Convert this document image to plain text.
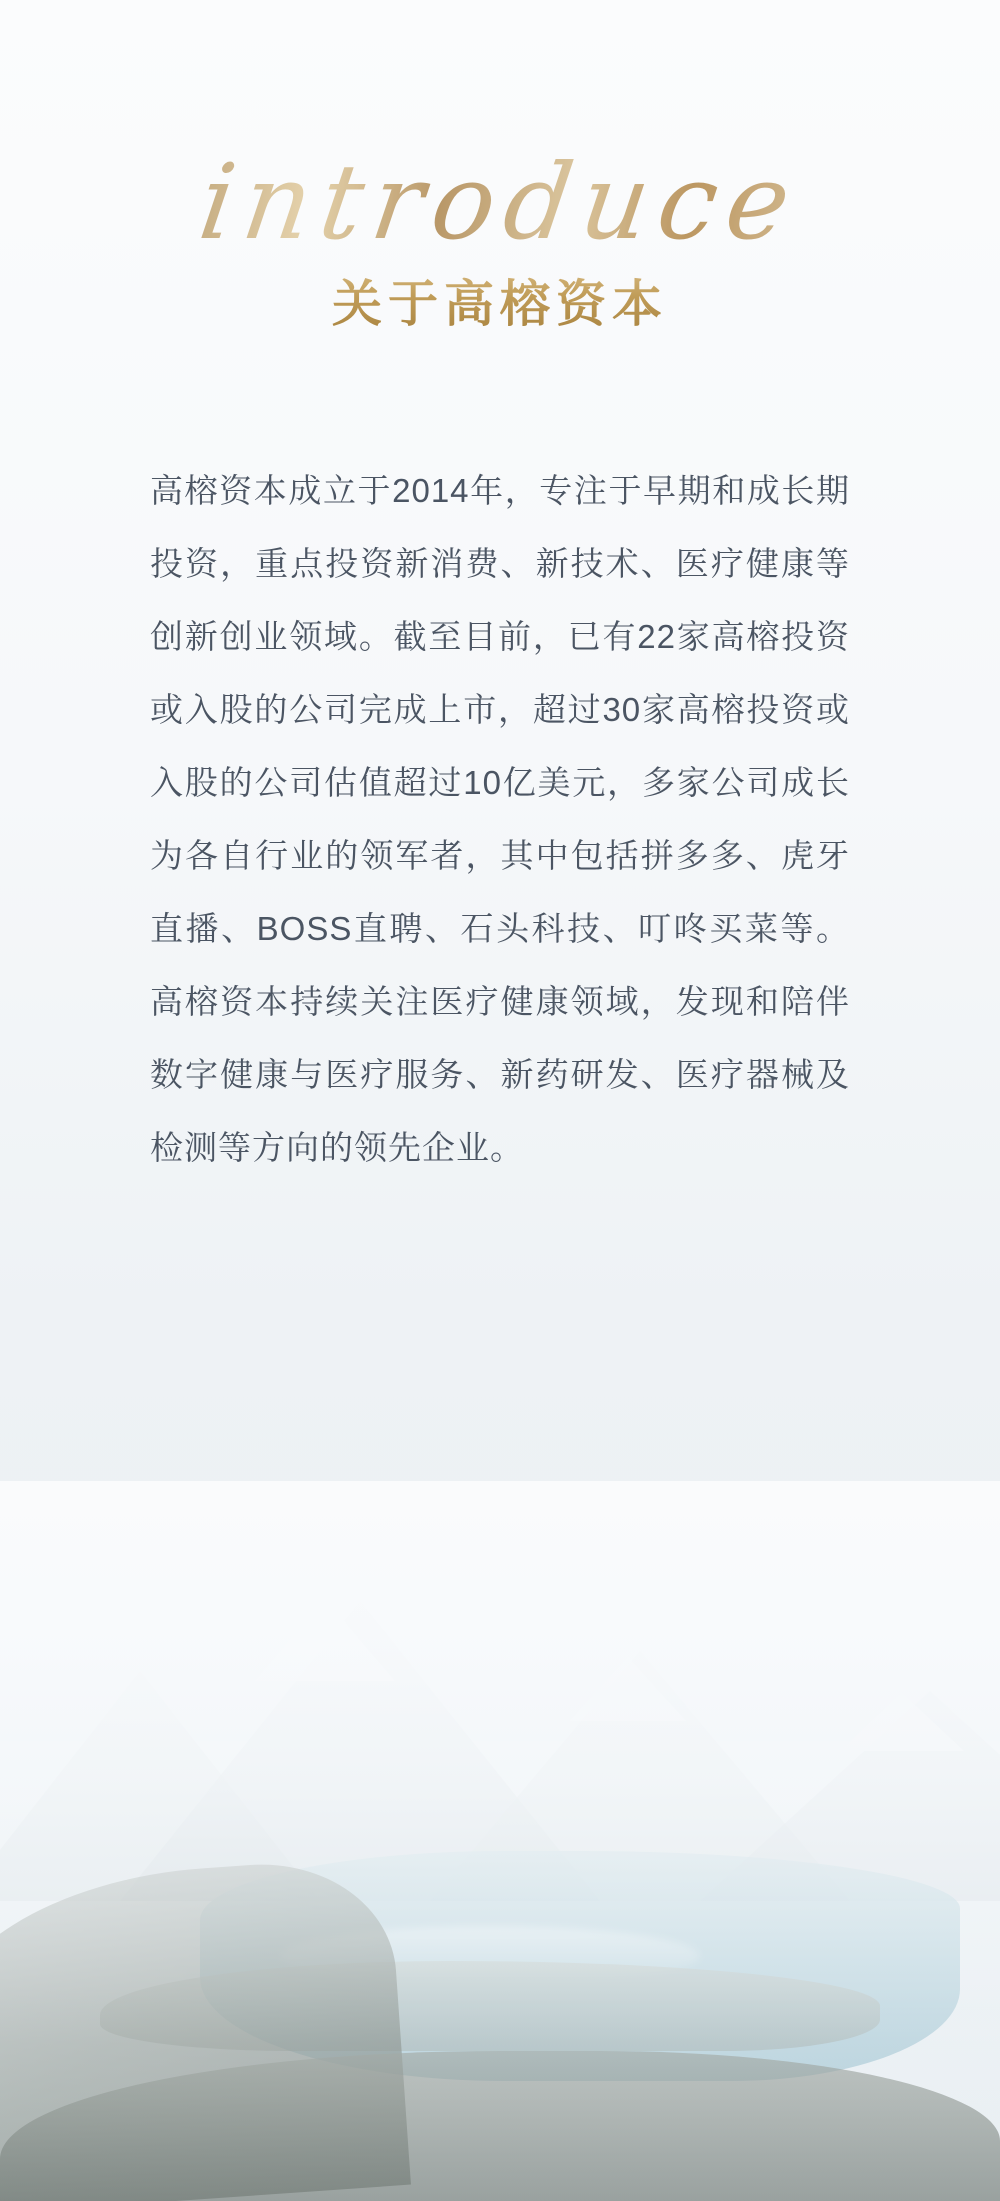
introduce
关于高榕资本
高榕资本成立于2014年，专注于早期和成长期投资，重点投资新消费、新技术、医疗健康等创新创业领域。截至目前，已有22家高榕投资或入股的公司完成上市，超过30家高榕投资或入股的公司估值超过10亿美元，多家公司成长为各自行业的领军者，其中包括拼多多、虎牙直播、BOSS直聘、石头科技、叮咚买菜等。高榕资本持续关注医疗健康领域，发现和陪伴数字健康与医疗服务、新药研发、医疗器械及检测等方向的领先企业。
